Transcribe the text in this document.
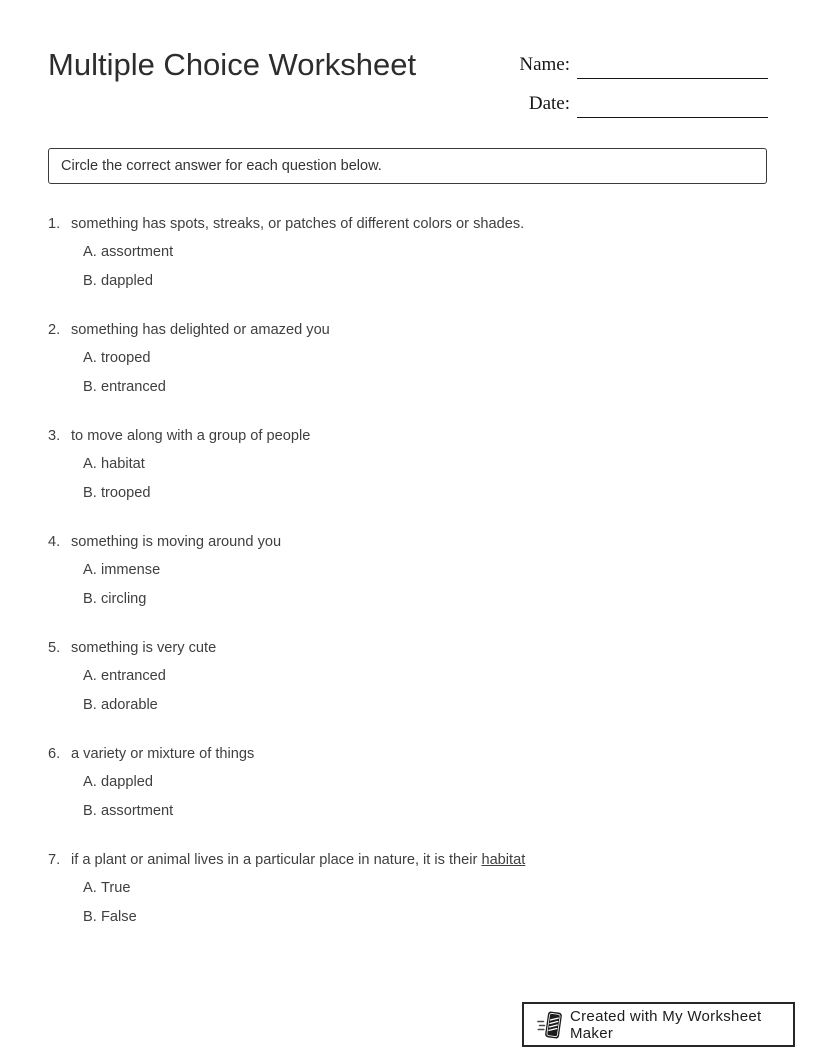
Multiple Choice Worksheet	Name:
Date:
Circle the correct answer for each question below.
1. something has spots, streaks, or patches of different colors or shades.
A. assortment
B. dappled
2. something has delighted or amazed you
A. trooped
B. entranced
3. to move along with a group of people
A. habitat
B. trooped
4. something is moving around you
A. immense
B. circling
5. something is very cute
A. entranced
B. adorable
6. a variety or mixture of things
A. dappled
B. assortment
7. if a plant or animal lives in a particular place in nature, it is their habitat
A. True
B. False
Created with My Worksheet Maker
